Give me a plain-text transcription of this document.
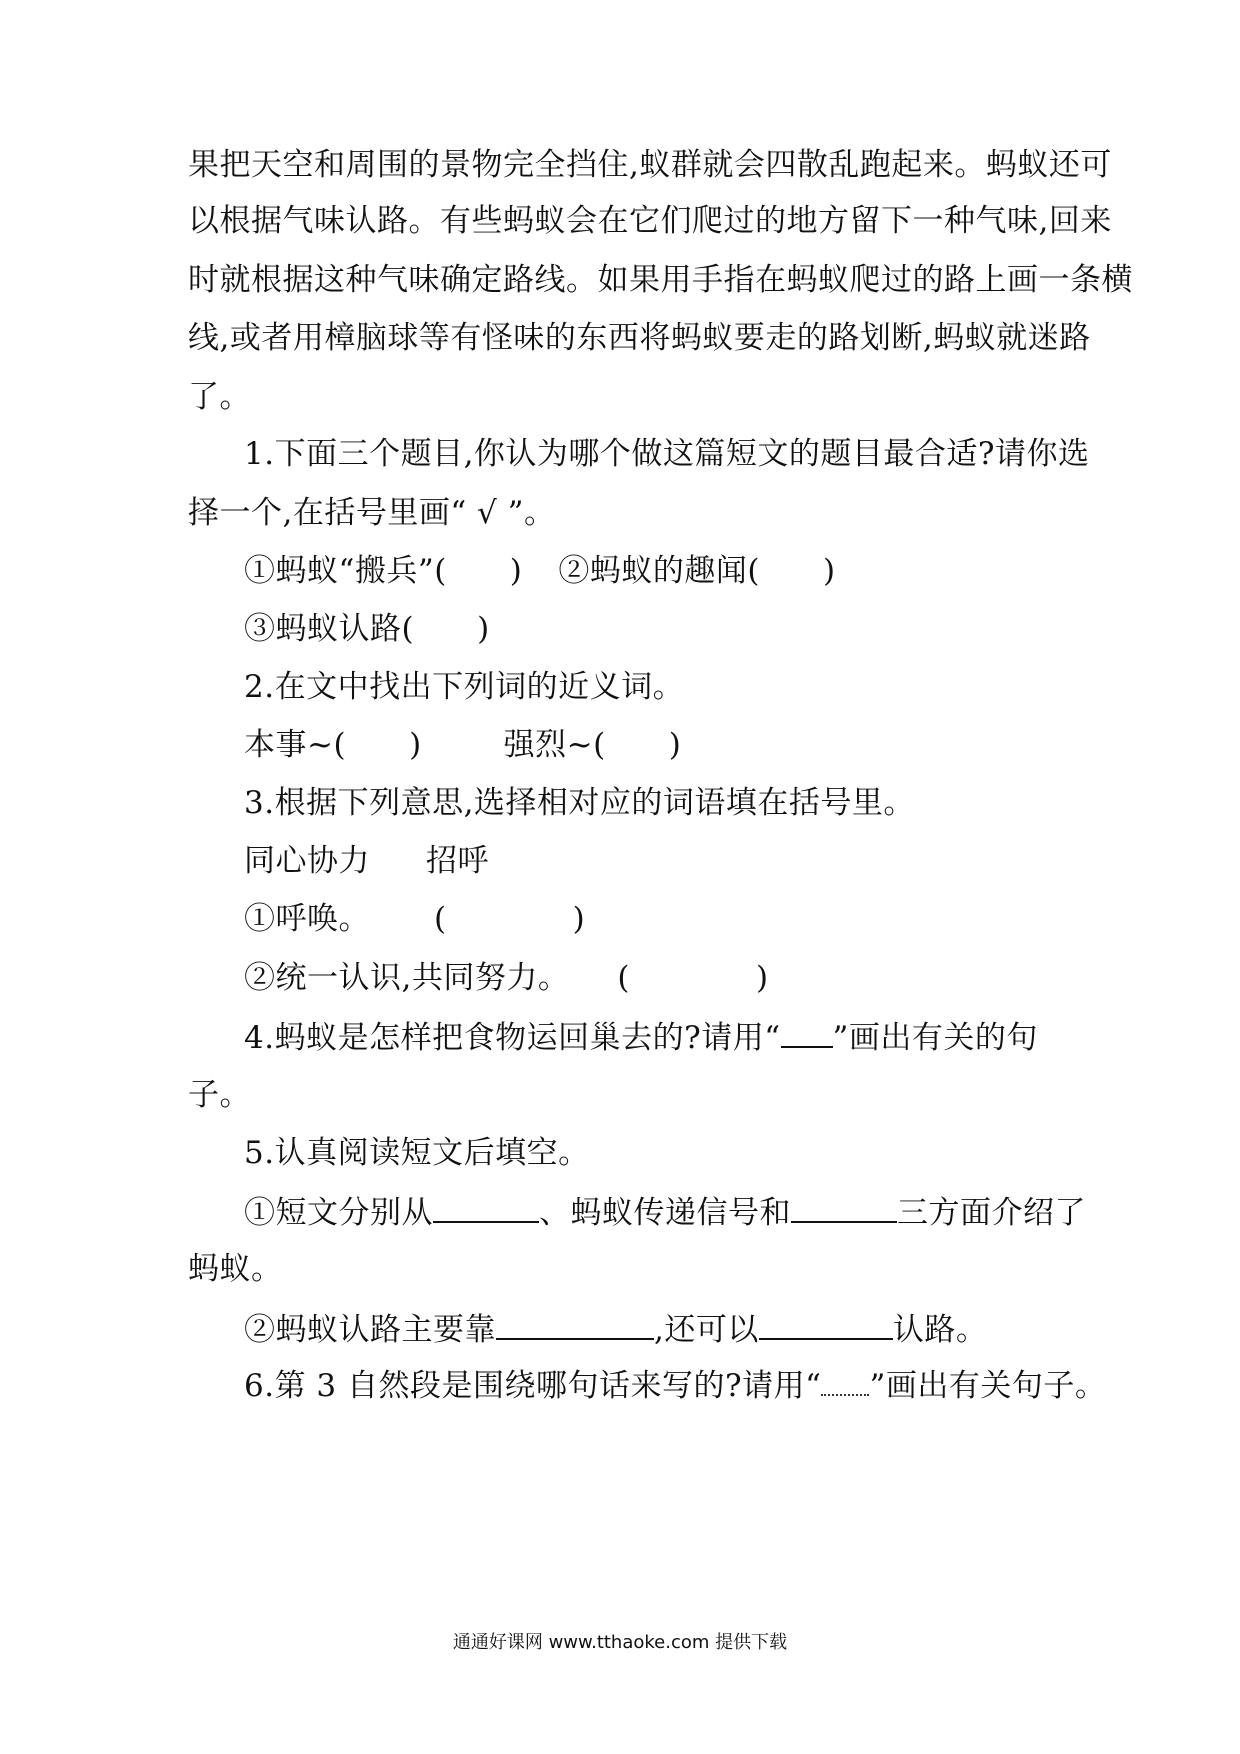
果把天空和周围的景物完全挡住,蚁群就会四散乱跑起来。蚂蚁还可
以根据气味认路。有些蚂蚁会在它们爬过的地方留下一种气味,回来
时就根据这种气味确定路线。如果用手指在蚂蚁爬过的路上画一条横
线,或者用樟脑球等有怪味的东西将蚂蚁要走的路划断,蚂蚁就迷路
了。
1.下面三个题目,你认为哪个做这篇短文的题目最合适?请你选
择一个,在括号里画“ √ ”。
①蚂蚁“搬兵”(　　) ②蚂蚁的趣闻(　　)
③蚂蚁认路(　　)
2.在文中找出下列词的近义词。
本事~(　　)	强烈~(　　)
3.根据下列意思,选择相对应的词语填在括号里。
同心协力 招呼
①呼唤。 (　　　　)
②统一认识,共同努力。 (　　　　)
4.蚂蚁是怎样把食物运回巢去的?请用“ ”画出有关的句
子。
5.认真阅读短文后填空。
①短文分别从	、蚂蚁传递信号和	三方面介绍了
蚂蚁。
②蚂蚁认路主要靠	,还可以	认路。
6.第 3 自然段是围绕哪句话来写的?请用“ ”画出有关句子。
通通好课网 www.tthaoke.com 提供下载
